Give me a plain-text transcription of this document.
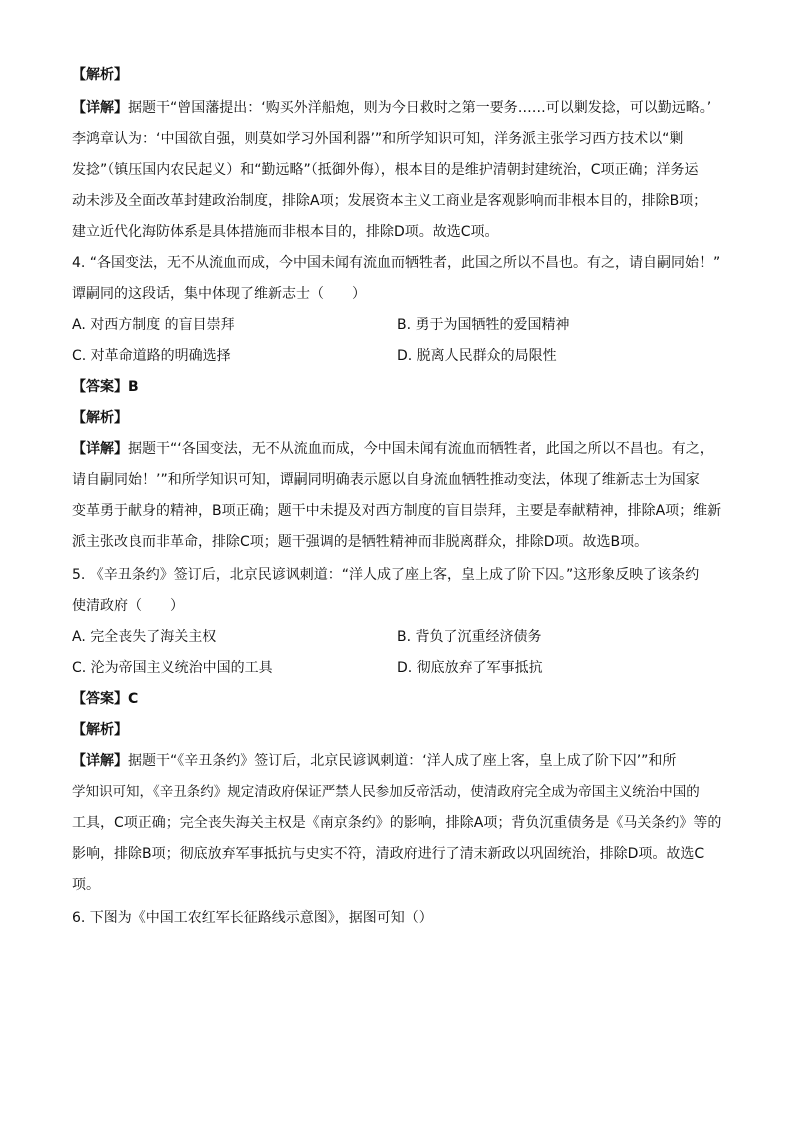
【解析】
【详解】据题干“曾国藩提出：‘购买外洋船炮，则为今日救时之第一要务……可以剿发捻，可以勤远略。’
李鸿章认为：‘中国欲自强，则莫如学习外国利器’”和所学知识可知，洋务派主张学习西方技术以“剿
发捻”（镇压国内农民起义）和“勤远略”（抵御外侮），根本目的是维护清朝封建统治，C项正确；洋务运
动未涉及全面改革封建政治制度，排除A项；发展资本主义工商业是客观影响而非根本目的，排除B项；
建立近代化海防体系是具体措施而非根本目的，排除D项。故选C项。
4. “各国变法，无不从流血而成，今中国未闻有流血而牺牲者，此国之所以不昌也。有之，请自嗣同始！”
谭嗣同的这段话，集中体现了维新志士（　　）
A. 对西方制度 的盲目崇拜	B. 勇于为国牺牲的爱国精神
C. 对革命道路的明确选择	D. 脱离人民群众的局限性
【答案】B
【解析】
【详解】据题干“‘各国变法，无不从流血而成，今中国未闻有流血而牺牲者，此国之所以不昌也。有之，
请自嗣同始！’”和所学知识可知，谭嗣同明确表示愿以自身流血牺牲推动变法，体现了维新志士为国家
变革勇于献身的精神，B项正确；题干中未提及对西方制度的盲目崇拜，主要是奉献精神，排除A项；维新
派主张改良而非革命，排除C项；题干强调的是牺牲精神而非脱离群众，排除D项。故选B项。
5. 《辛丑条约》签订后，北京民谚讽刺道：“洋人成了座上客，皇上成了阶下囚。”这形象反映了该条约
使清政府（　　）
A. 完全丧失了海关主权	B. 背负了沉重经济债务
C. 沦为帝国主义统治中国的工具	D. 彻底放弃了军事抵抗
【答案】C
【解析】
【详解】据题干“《辛丑条约》签订后，北京民谚讽刺道：‘洋人成了座上客，皇上成了阶下囚’”和所
学知识可知，《辛丑条约》规定清政府保证严禁人民参加反帝活动，使清政府完全成为帝国主义统治中国的
工具，C项正确；完全丧失海关主权是《南京条约》的影响，排除A项；背负沉重债务是《马关条约》等的
影响，排除B项；彻底放弃军事抵抗与史实不符，清政府进行了清末新政以巩固统治，排除D项。故选C
项。
6. 下图为《中国工农红军长征路线示意图》，据图可知（）
